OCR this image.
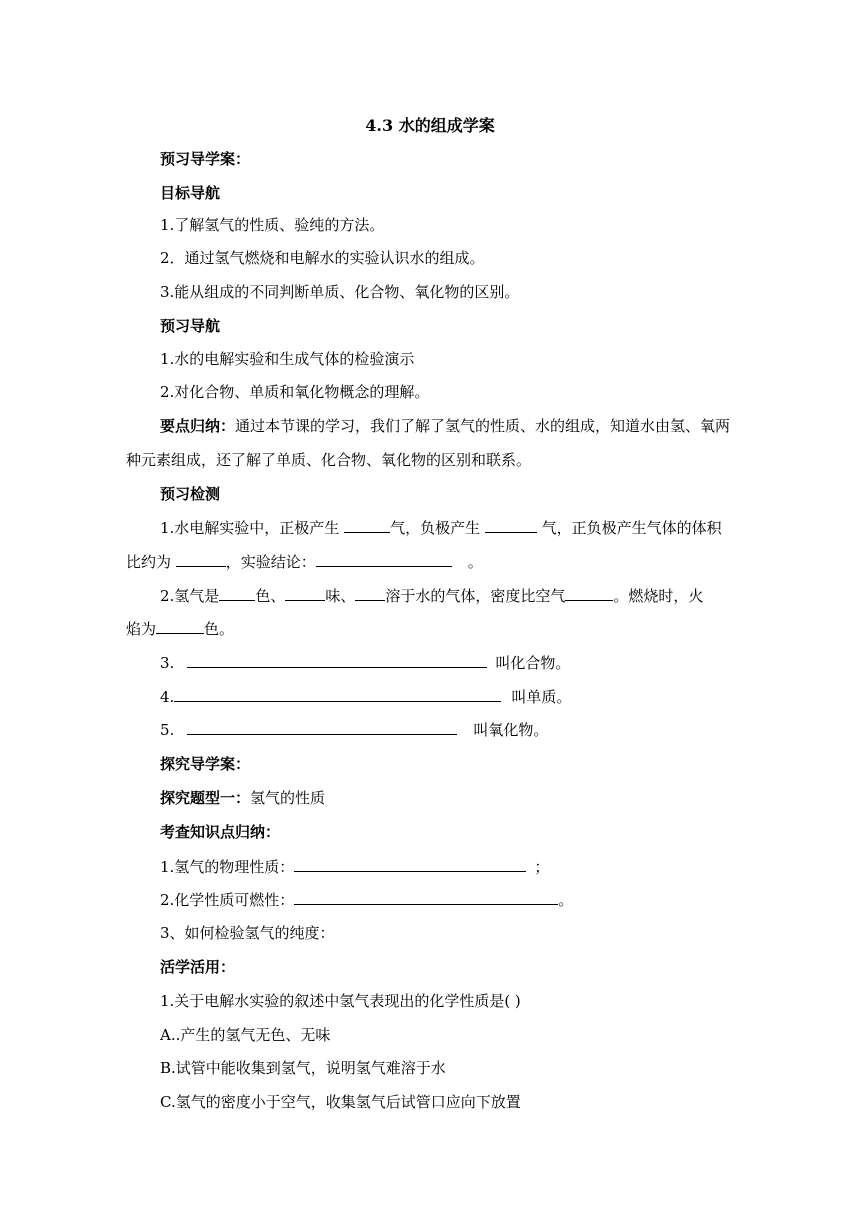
4.3 水的组成学案
预习导学案：
目标导航
1.了解氢气的性质、验纯的方法。
2．通过氢气燃烧和电解水的实验认识水的组成。
3.能从组成的不同判断单质、化合物、氧化物的区别。
预习导航
1.水的电解实验和生成气体的检验演示
2.对化合物、单质和氧化物概念的理解。
要点归纳：通过本节课的学习，我们了解了氢气的性质、水的组成，知道水由氢、氧两
种元素组成，还了解了单质、化合物、氧化物的区别和联系。
预习检测
1.水电解实验中，正极产生	气，负极产生	气，正负极产生气体的体积
比约为	，实验结论：	。
2.氢气是 色、	味、 溶于水的气体，密度比空气	。燃烧时，火
焰为	色。
3.	叫化合物。
4.	叫单质。
5.	叫氧化物。
探究导学案：
探究题型一：氢气的性质
考查知识点归纳：
1.氢气的物理性质：	；
2.化学性质可燃性：	。
3、如何检验氢气的纯度：
活学活用：
1.关于电解水实验的叙述中氢气表现出的化学性质是( )
A..产生的氢气无色、无味
B.试管中能收集到氢气，说明氢气难溶于水
C.氢气的密度小于空气，收集氢气后试管口应向下放置
